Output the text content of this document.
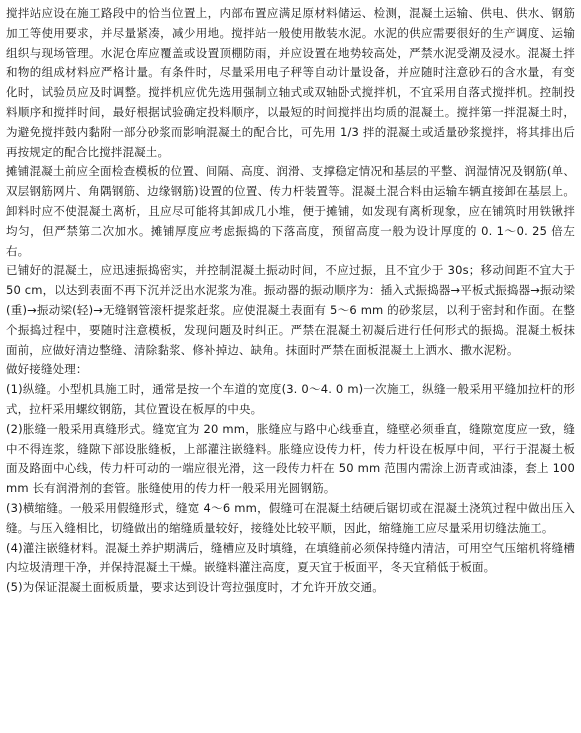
搅拌站应设在施工路段中的恰当位置上，内部布置应满足原材料储运、检测，混凝土运输、供电、供水、钢筋加工等使用要求，并尽量紧凑，减少用地。搅拌站一般使用散装水泥。水泥的供应需要很好的生产调度、运输组织与现场管理。水泥仓库应覆盖或设置顶棚防雨，并应设置在地势较高处，严禁水泥受潮及浸水。混凝土拌和物的组成材料应严格计量。有条件时，尽量采用电子秤等自动计量设备，并应随时注意砂石的含水量，有变化时，试验员应及时调整。搅拌机应优先选用强制立轴式或双轴卧式搅拌机，不宜采用自落式搅拌机。控制投料顺序和搅拌时间，最好根据试验确定投料顺序，以最短的时间搅拌出均质的混凝土。搅拌第一拌混凝土时，为避免搅拌鼓内黏附一部分砂浆而影响混凝土的配合比，可先用 1/3 拌的混凝土或适量砂浆搅拌，将其排出后再按规定的配合比搅拌混凝土。

摊铺混凝土前应全面检查模板的位置、间隔、高度、润滑、支撑稳定情况和基层的平整、润湿情况及钢筋(单、双层钢筋网片、角隅钢筋、边缘钢筋)设置的位置、传力杆装置等。混凝土混合料由运输车辆直接卸在基层上。卸料时应不使混凝土离析，且应尽可能将其卸成几小堆，便于摊铺，如发现有离析现象，应在铺筑时用铁锹拌均匀，但严禁第二次加水。摊铺厚度应考虑振捣的下落高度，预留高度一般为设计厚度的 0. 1～0. 25 倍左右。

已铺好的混凝土，应迅速振捣密实，并控制混凝土振动时间，不应过振，且不宜少于 30s；移动间距不宜大于 50 cm，以达到表面不再下沉并泛出水泥浆为准。振动器的振动顺序为：插入式振捣器→平板式振捣器→振动梁(重)→振动梁(轻)→无缝钢管滚杆提浆赶浆。应使混凝土表面有 5～6 mm 的砂浆层，以利于密封和作面。在整个振捣过程中，要随时注意模板，发现问题及时纠正。严禁在混凝土初凝后进行任何形式的振捣。混凝土板抹面前，应做好清边整缝、清除黏浆、修补掉边、缺角。抹面时严禁在面板混凝土上洒水、撒水泥粉。

做好接缝处理：

(1)纵缝。小型机具施工时，通常是按一个车道的宽度(3. 0～4. 0 m)一次施工，纵缝一般采用平缝加拉杆的形式，拉杆采用螺纹钢筋，其位置设在板厚的中央。

(2)胀缝一般采用真缝形式。缝宽宜为 20 mm，胀缝应与路中心线垂直，缝壁必须垂直，缝隙宽度应一致，缝中不得连浆，缝隙下部设胀缝板，上部灌注嵌缝料。胀缝应设传力杆，传力杆设在板厚中间，平行于混凝土板面及路面中心线，传力杆可动的一端应很光滑，这一段传力杆在 50 mm 范围内需涂上沥青或油漆，套上 100 mm 长有润滑剂的套管。胀缝使用的传力杆一般采用光圆钢筋。

(3)横缩缝。一般采用假缝形式，缝宽 4～6 mm，假缝可在混凝土结硬后锯切或在混凝土浇筑过程中做出压入缝。与压入缝相比，切缝做出的缩缝质量较好，接缝处比较平顺，因此，缩缝施工应尽量采用切缝法施工。

(4)灌注嵌缝材料。混凝土养护期满后，缝槽应及时填缝，在填缝前必须保持缝内清洁，可用空气压缩机将缝槽内垃圾清理干净，并保持混凝土干燥。嵌缝料灌注高度，夏天宜于板面平，冬天宜稍低于板面。

(5)为保证混凝土面板质量，要求达到设计弯拉强度时，才允许开放交通。
